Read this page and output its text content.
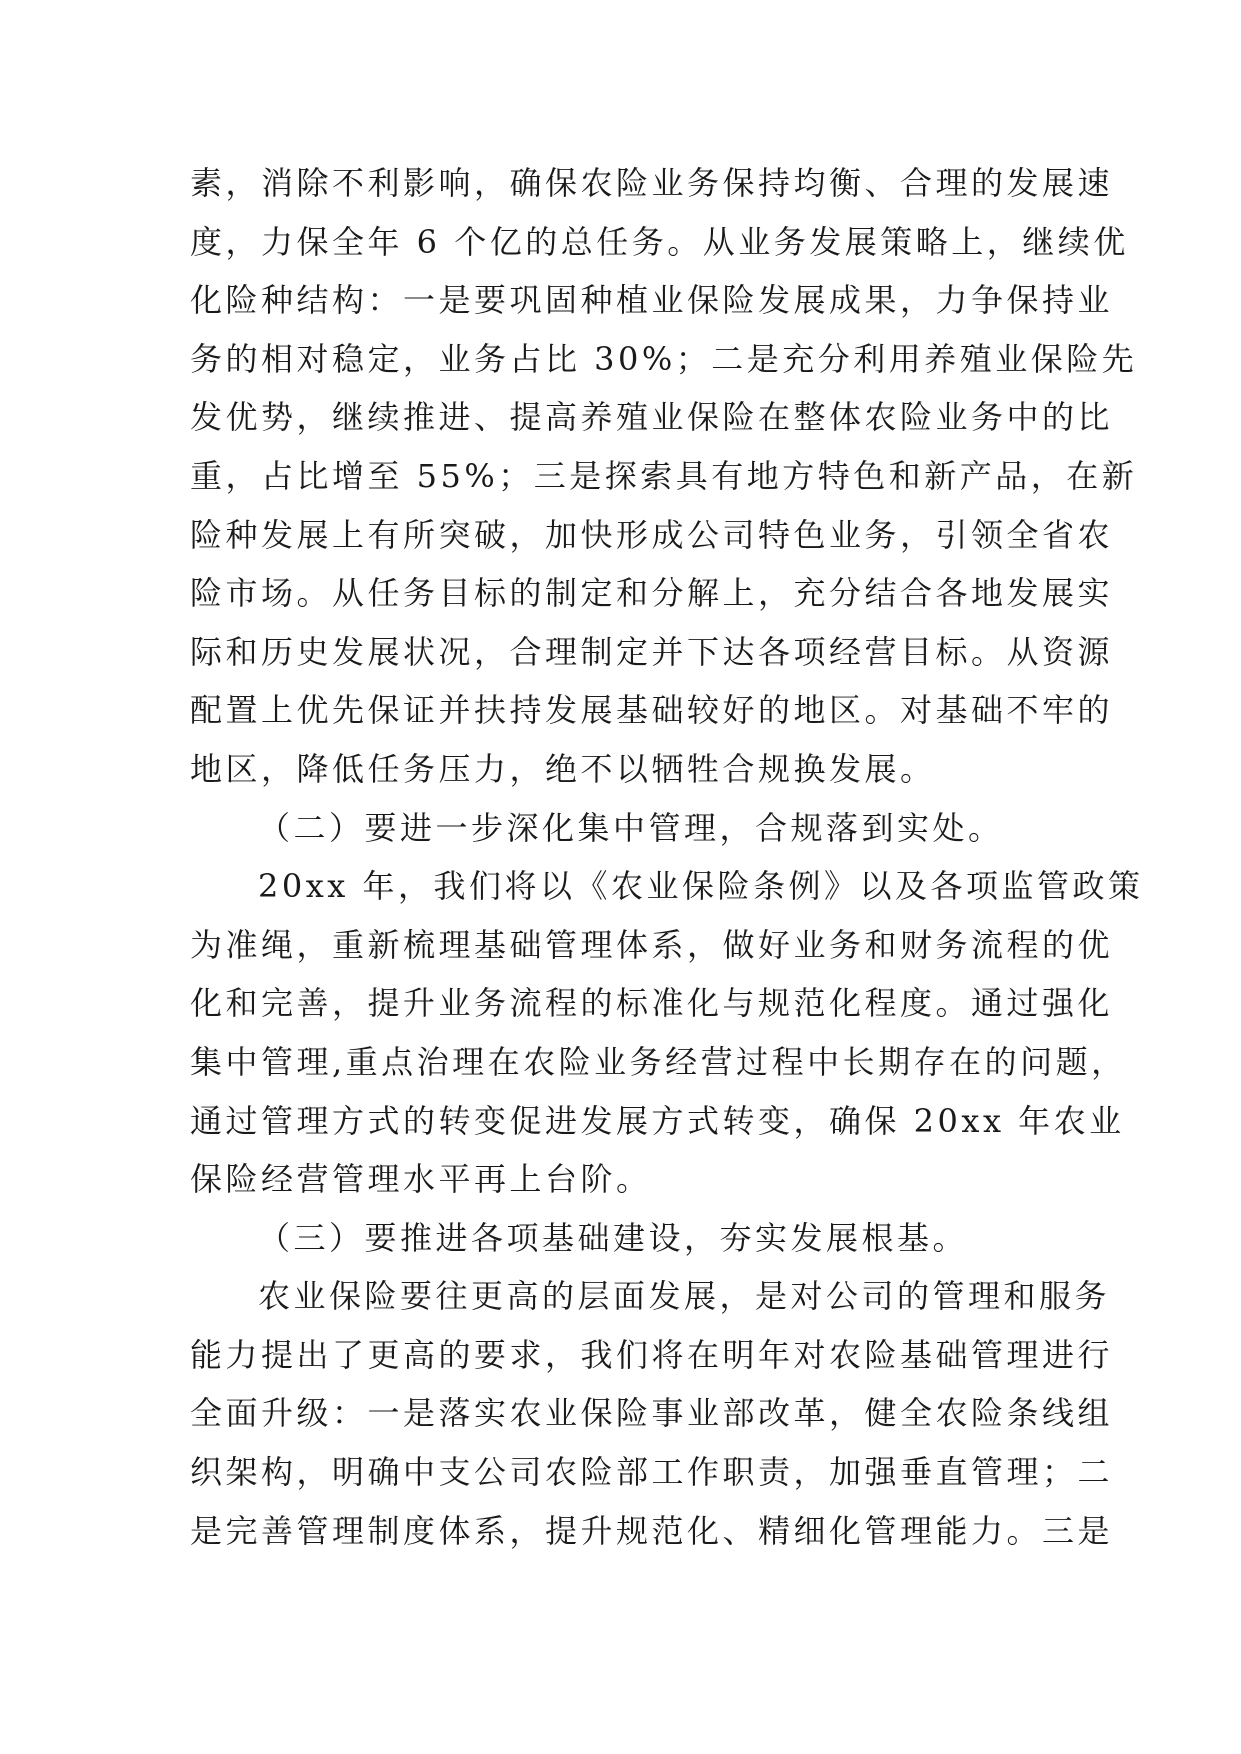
素，消除不利影响，确保农险业务保持均衡、合理的发展速
度，力保全年 6 个亿的总任务。从业务发展策略上，继续优
化险种结构：一是要巩固种植业保险发展成果，力争保持业
务的相对稳定，业务占比 30%；二是充分利用养殖业保险先
发优势，继续推进、提高养殖业保险在整体农险业务中的比
重，占比增至 55%；三是探索具有地方特色和新产品，在新
险种发展上有所突破，加快形成公司特色业务，引领全省农
险市场。从任务目标的制定和分解上，充分结合各地发展实
际和历史发展状况，合理制定并下达各项经营目标。从资源
配置上优先保证并扶持发展基础较好的地区。对基础不牢的
地区，降低任务压力，绝不以牺牲合规换发展。
（二）要进一步深化集中管理，合规落到实处。
20xx 年，我们将以《农业保险条例》以及各项监管政策
为准绳，重新梳理基础管理体系，做好业务和财务流程的优
化和完善，提升业务流程的标准化与规范化程度。通过强化
集中管理,重点治理在农险业务经营过程中长期存在的问题，
通过管理方式的转变促进发展方式转变，确保 20xx 年农业
保险经营管理水平再上台阶。
（三）要推进各项基础建设，夯实发展根基。
农业保险要往更高的层面发展，是对公司的管理和服务
能力提出了更高的要求，我们将在明年对农险基础管理进行
全面升级：一是落实农业保险事业部改革，健全农险条线组
织架构，明确中支公司农险部工作职责，加强垂直管理；二
是完善管理制度体系，提升规范化、精细化管理能力。三是
